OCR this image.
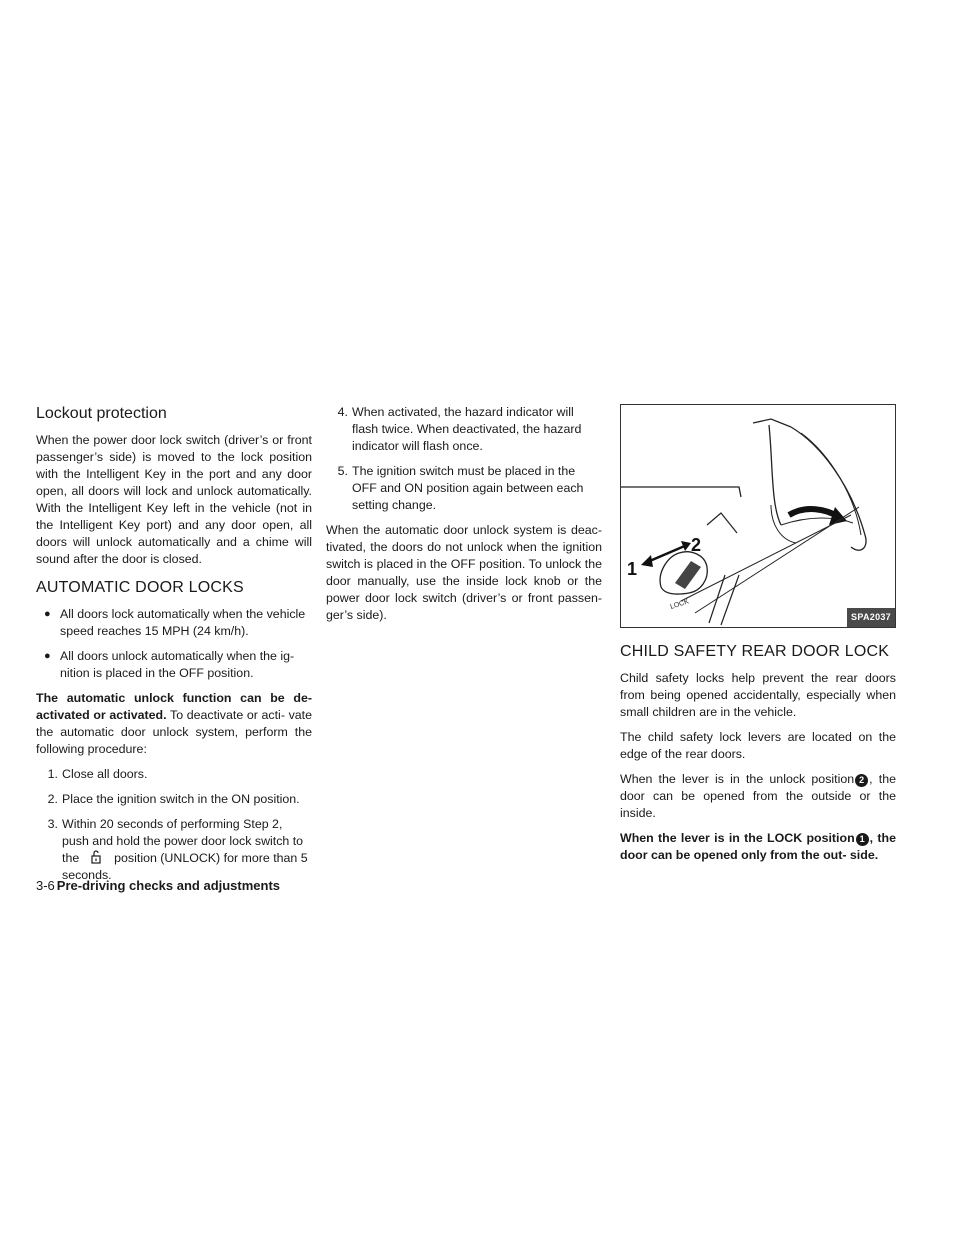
Lockout protection

When the power door lock switch (driver’s or front passenger’s side) is moved to the lock position with the Intelligent Key in the port and any door open, all doors will lock and unlock automatically. With the Intelligent Key left in the vehicle (not in the Intelligent Key port) and any door open, all doors will unlock automatically and a chime will sound after the door is closed.

AUTOMATIC DOOR LOCKS
● All doors lock automatically when the vehicle speed reaches 15 MPH (24 km/h).
● All doors unlock automatically when the ig- nition is placed in the OFF position.

The automatic unlock function can be de- activated or activated. To deactivate or acti- vate the automatic door unlock system, perform the following procedure:

1. Close all doors.
2. Place the ignition switch in the ON position.
3. Within 20 seconds of performing Step 2, push and hold the power door lock switch to the	position (UNLOCK) for more than 5 seconds.
4. When activated, the hazard indicator will flash twice. When deactivated, the hazard indicator will flash once.
5. The ignition switch must be placed in the OFF and ON position again between each setting change.

When the automatic door unlock system is deac- tivated, the doors do not unlock when the ignition switch is placed in the OFF position. To unlock the door manually, use the inside lock knob or the power door lock switch (driver’s or front passen- ger’s side).

1
2
LOCK
SPA2037
CHILD SAFETY REAR DOOR LOCK

Child safety locks help prevent the rear doors from being opened accidentally, especially when small children are in the vehicle.

The child safety lock levers are located on the edge of the rear doors.

When the lever is in the unlock position 2 , the door can be opened from the outside or the inside.

When the lever is in the LOCK position 1 , the door can be opened only from the out- side.

3-6 Pre-driving checks and adjustments
